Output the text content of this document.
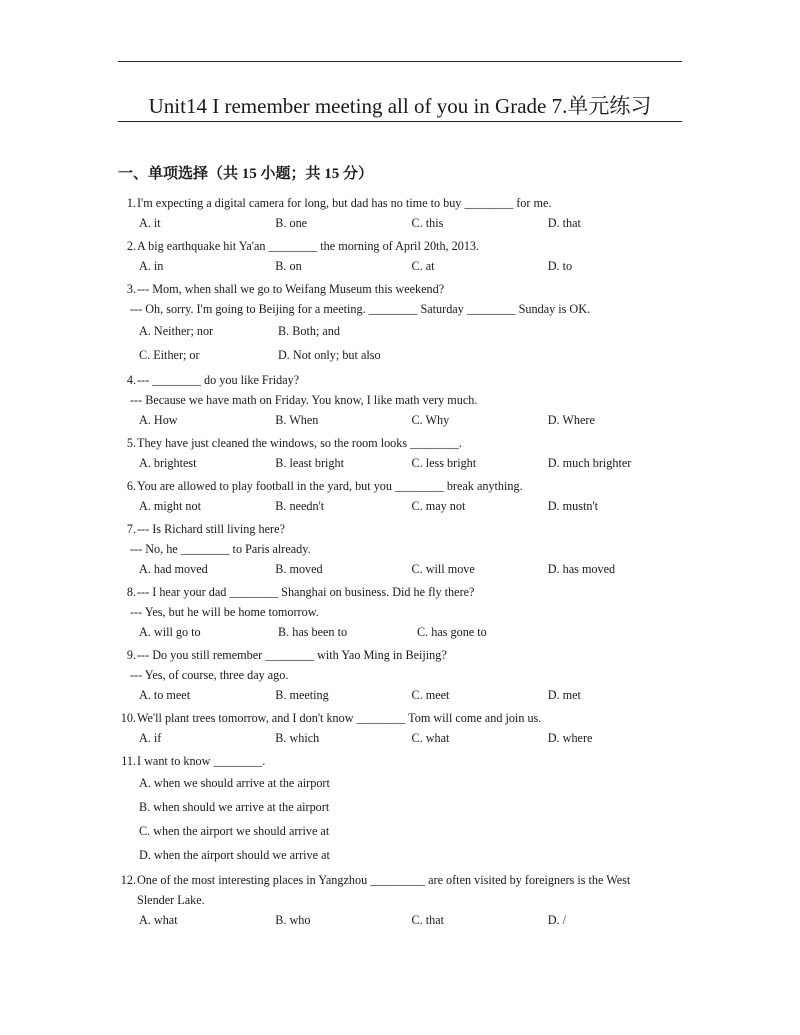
Unit14 I remember meeting all of you in Grade 7.单元练习
一、单项选择（共 15 小题；共 15 分）
1. I'm expecting a digital camera for long, but dad has no time to buy ________ for me.
A. it	B. one	C. this	D. that
2. A big earthquake hit Ya'an ________ the morning of April 20th, 2013.
A. in	B. on	C. at	D. to
3. --- Mom, when shall we go to Weifang Museum this weekend?
--- Oh, sorry. I'm going to Beijing for a meeting. ________ Saturday ________ Sunday is OK.
A. Neither; nor	B. Both; and
C. Either; or	D. Not only; but also
4. --- ________ do you like Friday?
--- Because we have math on Friday. You know, I like math very much.
A. How	B. When	C. Why	D. Where
5. They have just cleaned the windows, so the room looks ________.
A. brightest	B. least bright	C. less bright	D. much brighter
6. You are allowed to play football in the yard, but you ________ break anything.
A. might not	B. needn't	C. may not	D. mustn't
7. --- Is Richard still living here?
--- No, he ________ to Paris already.
A. had moved	B. moved	C. will move	D. has moved
8. --- I hear your dad ________ Shanghai on business. Did he fly there?
--- Yes, but he will be home tomorrow.
A. will go to	B. has been to	C. has gone to
9. --- Do you still remember ________ with Yao Ming in Beijing?
--- Yes, of course, three day ago.
A. to meet	B. meeting	C. meet	D. met
10. We'll plant trees tomorrow, and I don't know ________ Tom will come and join us.
A. if	B. which	C. what	D. where
11. I want to know ________.
A. when we should arrive at the airport
B. when should we arrive at the airport
C. when the airport we should arrive at
D. when the airport should we arrive at
12. One of the most interesting places in Yangzhou _________ are often visited by foreigners is the West
Slender Lake.
A. what	B. who	C. that	D. /
